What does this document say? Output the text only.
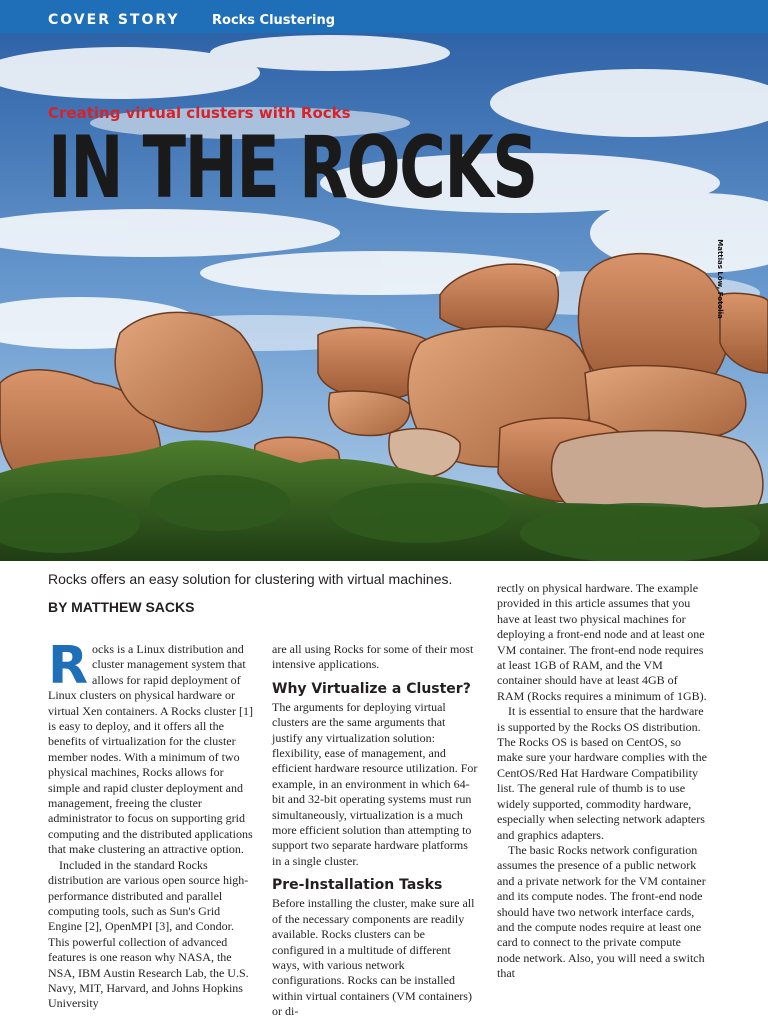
COVER STORY Rocks Clustering
Mattias Löw, Fotolia
Creating virtual clusters with Rocks
IN THE ROCKS
Rocks offers an easy solution for clustering with virtual machines.
BY MATTHEW SACKS

Rocks is a Linux distribution and cluster management system that allows for rapid deployment of Linux clusters on physical hardware or virtual Xen containers. A Rocks cluster [1] is easy to deploy, and it offers all the benefits of virtualization for the cluster member nodes. With a minimum of two physical machines, Rocks allows for simple and rapid cluster deployment and management, freeing the cluster administrator to focus on supporting grid computing and the distributed applications that make clustering an attractive option.

Included in the standard Rocks distribution are various open source high-performance distributed and parallel computing tools, such as Sun's Grid Engine [2], OpenMPI [3], and Condor. This powerful collection of advanced features is one reason why NASA, the NSA, IBM Austin Research Lab, the U.S. Navy, MIT, Harvard, and Johns Hopkins University

are all using Rocks for some of their most intensive applications.

Why Virtualize a Cluster?

The arguments for deploying virtual clusters are the same arguments that justify any virtualization solution: flexibility, ease of management, and efficient hardware resource utilization. For example, in an environment in which 64-bit and 32-bit operating systems must run simultaneously, virtualization is a much more efficient solution than attempting to support two separate hardware platforms in a single cluster.

Pre-Installation Tasks

Before installing the cluster, make sure all of the necessary components are readily available. Rocks clusters can be configured in a multitude of different ways, with various network configurations. Rocks can be installed within virtual containers (VM containers) or di-

rectly on physical hardware. The example provided in this article assumes that you have at least two physical machines for deploying a front-end node and at least one VM container. The front-end node requires at least 1GB of RAM, and the VM container should have at least 4GB of RAM (Rocks requires a minimum of 1GB).

It is essential to ensure that the hardware is supported by the Rocks OS distribution. The Rocks OS is based on CentOS, so make sure your hardware complies with the CentOS/Red Hat Hardware Compatibility list. The general rule of thumb is to use widely supported, commodity hardware, especially when selecting network adapters and graphics adapters.

The basic Rocks network configuration assumes the presence of a public network and a private network for the VM container and its compute nodes. The front-end node should have two network interface cards, and the compute nodes require at least one card to connect to the private compute node network. Also, you will need a switch that
